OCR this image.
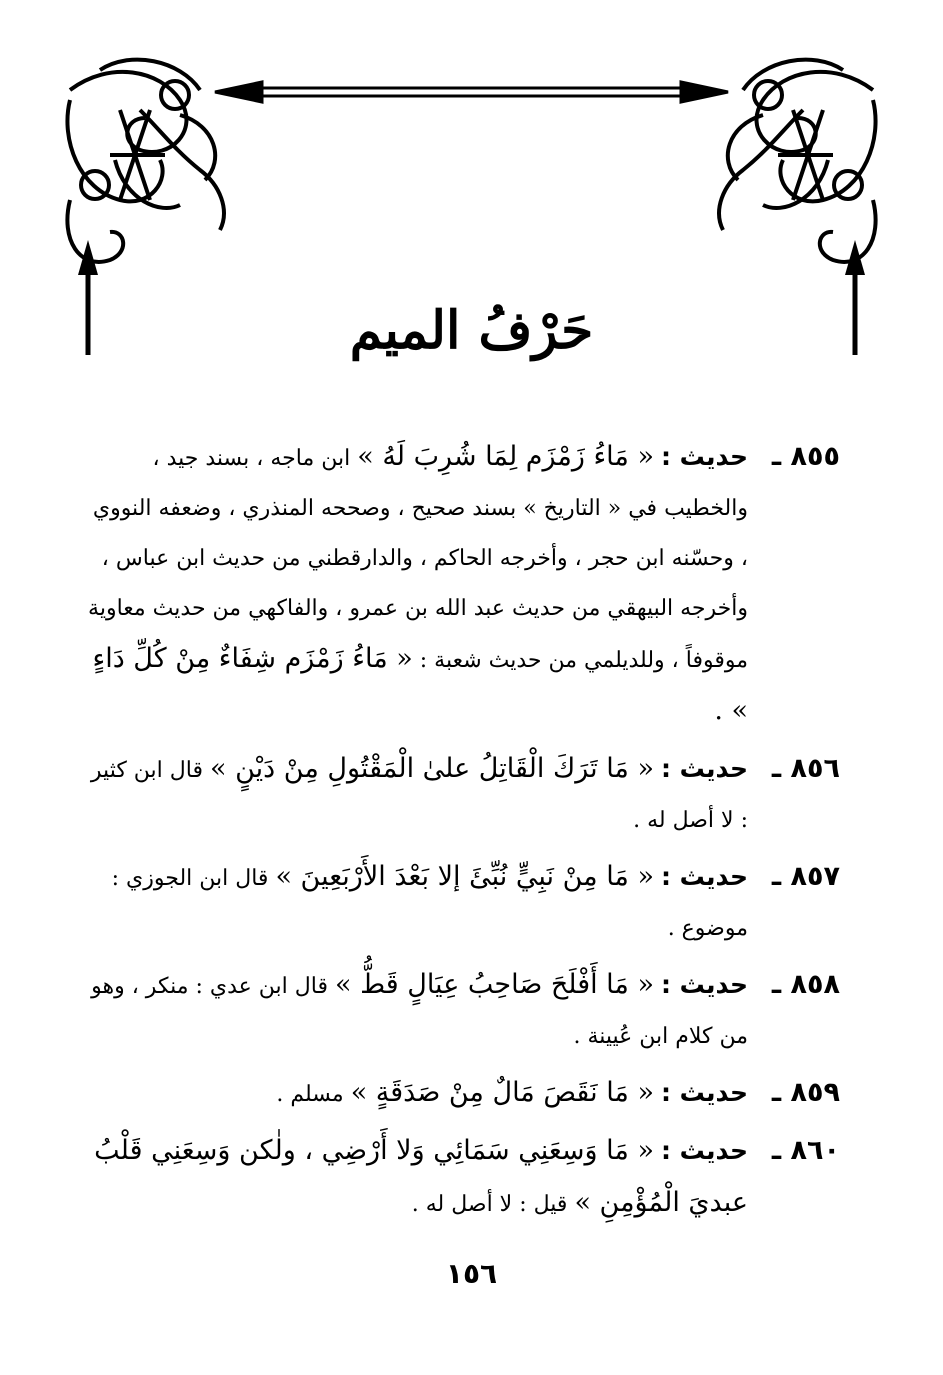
حَرْفُ الميم
٨٥٥ ـ
حديث : « مَاءُ زَمْزَم لِمَا شُرِبَ لَهُ » ابن ماجه ، بسند جيد ، والخطيب في « التاريخ » بسند صحيح ، وصححه المنذري ، وضعفه النووي ، وحسّنه ابن حجر ، وأخرجه الحاكم ، والدارقطني من حديث ابن عباس ، وأخرجه البيهقي من حديث عبد الله بن عمرو ، والفاكهي من حديث معاوية موقوفاً ، وللديلمي من حديث شعبة : « مَاءُ زَمْزَم شِفَاءٌ مِنْ كُلِّ دَاءٍ » .
٨٥٦ ـ
حديث : « مَا تَرَكَ الْقَاتِلُ علىٰ الْمَقْتُولِ مِنْ دَيْنٍ » قال ابن كثير : لا أصل له .
٨٥٧ ـ
حديث : « مَا مِنْ نَبِيٍّ نُبِّئَ إلا بَعْدَ الأَرْبَعِينَ » قال ابن الجوزي : موضوع .
٨٥٨ ـ
حديث : « مَا أَفْلَحَ صَاحِبُ عِيَالٍ قَطُّ » قال ابن عدي : منكر ، وهو من كلام ابن عُيينة .
٨٥٩ ـ
حديث : « مَا نَقَصَ مَالٌ مِنْ صَدَقَةٍ » مسلم .
٨٦٠ ـ
حديث : « مَا وَسِعَنِي سَمَائِي وَلا أَرْضِي ، ولٰكن وَسِعَنِي قَلْبُ عبديَ الْمُؤْمِنِ » قيل : لا أصل له .
١٥٦
